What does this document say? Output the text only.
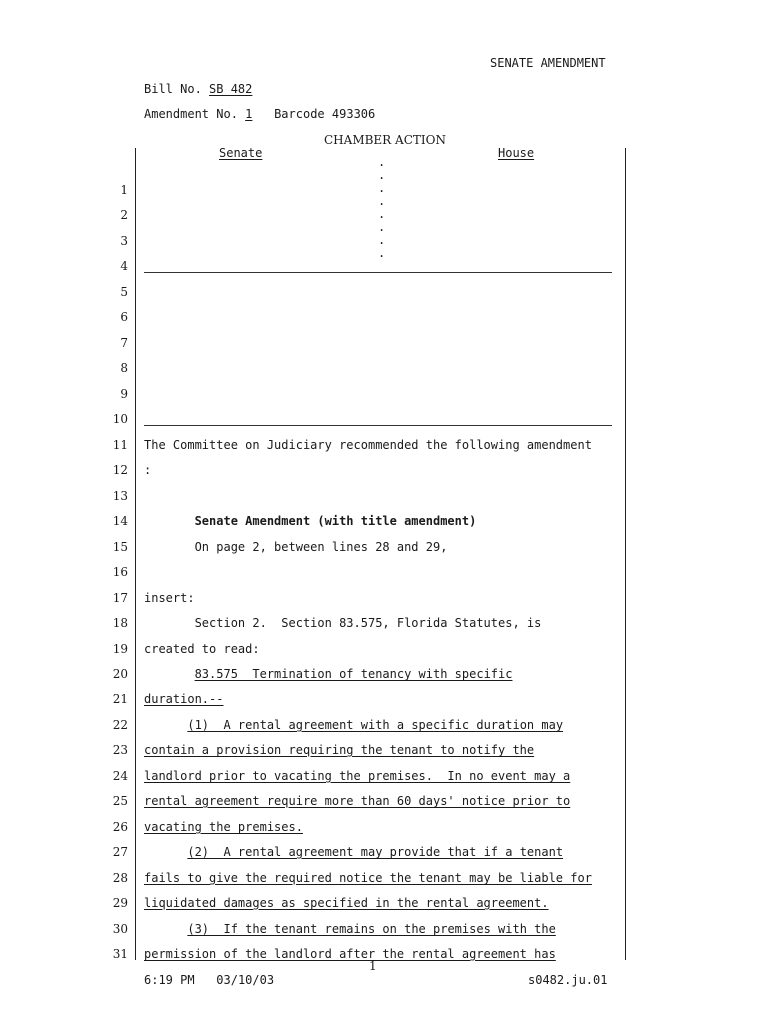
SENATE AMENDMENT
Bill No. SB 482
Amendment No. 1 Barcode 493306
CHAMBER ACTION
Senate	House
.
.
.
.
.
.
.
.
1
2
3
4
5
6
7
8
9
10
11
12
13
14
15
16
17
18
19
20
21
22
23
24
25
26
27
28
29
30
31
The Committee on Judiciary recommended the following amendment
:
Senate Amendment (with title amendment)
On page 2, between lines 28 and 29,
insert:
Section 2.  Section 83.575, Florida Statutes, is
created to read:
83.575  Termination of tenancy with specific
duration.--
(1)  A rental agreement with a specific duration may
contain a provision requiring the tenant to notify the
landlord prior to vacating the premises.  In no event may a
rental agreement require more than 60 days' notice prior to
vacating the premises.
(2)  A rental agreement may provide that if a tenant
fails to give the required notice the tenant may be liable for
liquidated damages as specified in the rental agreement.
(3)  If the tenant remains on the premises with the
permission of the landlord after the rental agreement has
1
6:19 PM 03/10/03	s0482.ju.01
